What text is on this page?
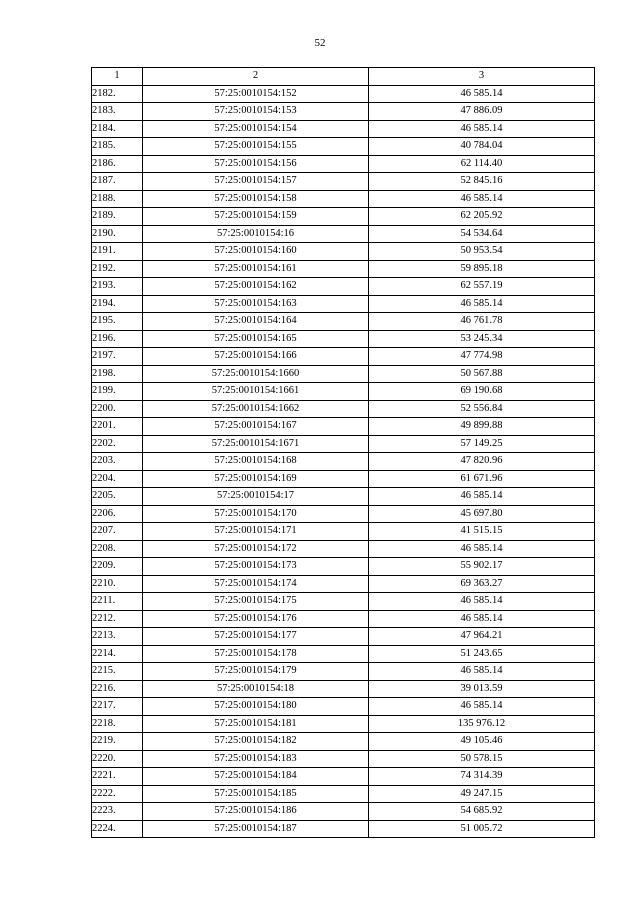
52
1	2	3
2182.	57:25:0010154:152	46 585.14
2183.	57:25:0010154:153	47 886.09
2184.	57:25:0010154:154	46 585.14
2185.	57:25:0010154:155	40 784.04
2186.	57:25:0010154:156	62 114.40
2187.	57:25:0010154:157	52 845.16
2188.	57:25:0010154:158	46 585.14
2189.	57:25:0010154:159	62 205.92
2190.	57:25:0010154:16	54 534.64
2191.	57:25:0010154:160	50 953.54
2192.	57:25:0010154:161	59 895.18
2193.	57:25:0010154:162	62 557.19
2194.	57:25:0010154:163	46 585.14
2195.	57:25:0010154:164	46 761.78
2196.	57:25:0010154:165	53 245.34
2197.	57:25:0010154:166	47 774.98
2198.	57:25:0010154:1660	50 567.88
2199.	57:25:0010154:1661	69 190.68
2200.	57:25:0010154:1662	52 556.84
2201.	57:25:0010154:167	49 899.88
2202.	57:25:0010154:1671	57 149.25
2203.	57:25:0010154:168	47 820.96
2204.	57:25:0010154:169	61 671.96
2205.	57:25:0010154:17	46 585.14
2206.	57:25:0010154:170	45 697.80
2207.	57:25:0010154:171	41 515.15
2208.	57:25:0010154:172	46 585.14
2209.	57:25:0010154:173	55 902.17
2210.	57:25:0010154:174	69 363.27
2211.	57:25:0010154:175	46 585.14
2212.	57:25:0010154:176	46 585.14
2213.	57:25:0010154:177	47 964.21
2214.	57:25:0010154:178	51 243.65
2215.	57:25:0010154:179	46 585.14
2216.	57:25:0010154:18	39 013.59
2217.	57:25:0010154:180	46 585.14
2218.	57:25:0010154:181	135 976.12
2219.	57:25:0010154:182	49 105.46
2220.	57:25:0010154:183	50 578.15
2221.	57:25:0010154:184	74 314.39
2222.	57:25:0010154:185	49 247.15
2223.	57:25:0010154:186	54 685.92
2224.	57:25:0010154:187	51 005.72
